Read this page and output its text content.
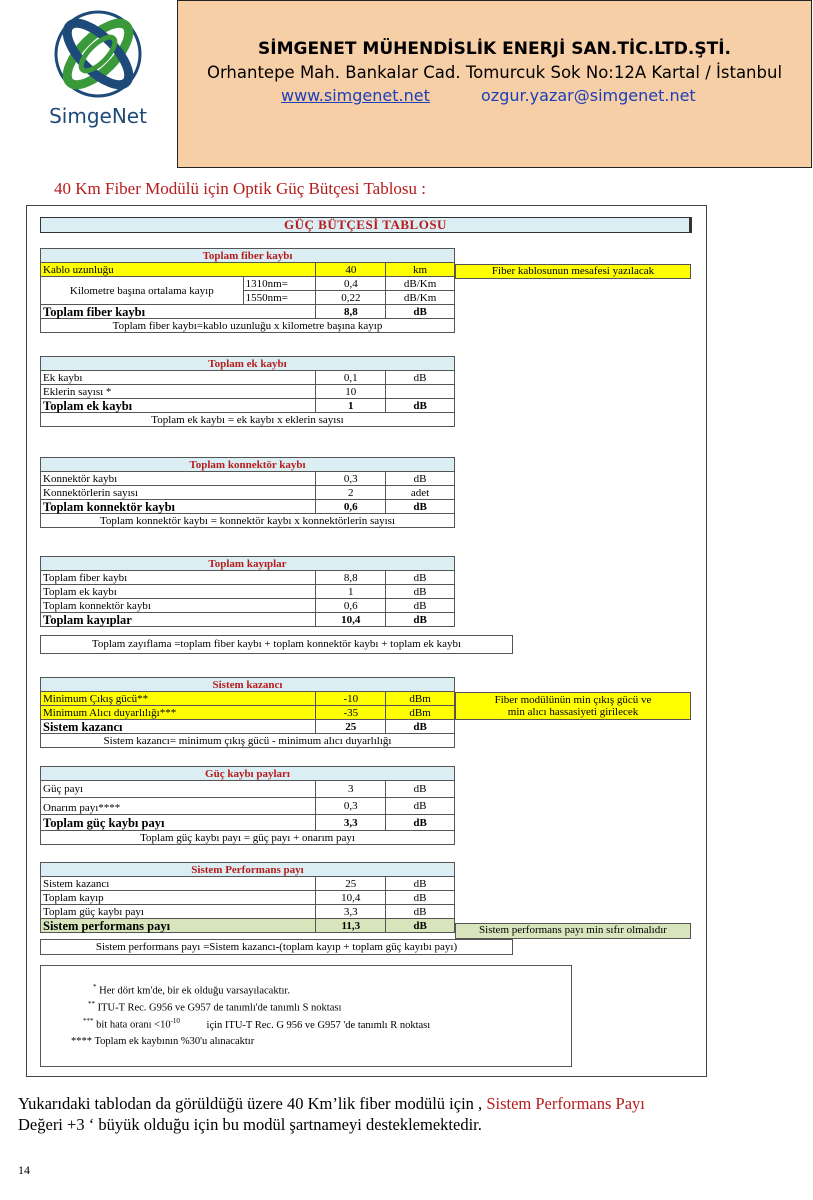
SimgeNet
SİMGENET MÜHENDİSLİK ENERJİ SAN.TİC.LTD.ŞTİ.
Orhantepe Mah. Bankalar Cad. Tomurcuk Sok No:12A Kartal / İstanbul
www.simgenet.net	ozgur.yazar@simgenet.net
40 Km Fiber Modülü için Optik Güç Bütçesi Tablosu :
GÜÇ BÜTÇESİ TABLOSU
Toplam fiber kaybı			
Kablo uzunluğu		40	km
Kilometre başına ortalama kayıp	1310nm=	0,4	dB/Km
	1550nm=	0,22	dB/Km
Toplam fiber kaybı		8,8	dB
Toplam fiber kaybı=kablo uzunluğu x kilometre başına kayıp			
Fiber kablosunun mesafesi yazılacak
Toplam ek kaybı		
Ek kaybı	0,1	dB
Eklerin sayısı *	10	
Toplam ek kaybı	1	dB
Toplam ek kaybı = ek kaybı x eklerin sayısı		
Toplam konnektör kaybı		
Konnektör kaybı	0,3	dB
Konnektörlerin sayısı	2	adet
Toplam konnektör kaybı	0,6	dB
Toplam konnektör kaybı = konnektör kaybı x konnektörlerin sayısı		
Toplam kayıplar		
Toplam fiber kaybı	8,8	dB
Toplam ek kaybı	1	dB
Toplam konnektör kaybı	0,6	dB
Toplam kayıplar	10,4	dB
Toplam zayıflama =toplam fiber kaybı + toplam konnektör kaybı + toplam ek kaybı
Sistem kazancı		
Minimum Çıkış gücü**	-10	dBm
Minimum Alıcı duyarlılığı***	-35	dBm
Sistem kazancı	25	dB
Sistem kazancı= minimum çıkış gücü - minimum alıcı duyarlılığı		
Fiber modülünün min çıkış gücü ve
min alıcı hassasiyeti girilecek
Güç kaybı payları		
Güç payı	3	dB
Onarım payı****	0,3	dB
Toplam güç kaybı payı	3,3	dB
Toplam güç kaybı payı = güç payı + onarım payı		
Sistem Performans payı		
Sistem kazancı	25	dB
Toplam kayıp	10,4	dB
Toplam güç kaybı payı	3,3	dB
Sistem performans payı	11,3	dB	Sistem performans payı min sıfır olmalıdır
Sistem performans payı =Sistem kazancı-(toplam kayıp + toplam güç kayıbı payı)
* Her dört km'de, bir ek olduğu varsayılacaktır.
** ITU-T Rec. G956 ve G957 de tanımlı'de tanımlı S noktası
*** bit hata oranı $<10^{-10}$	için ITU-T Rec. G 956 ve G957 'de tanımlı R noktası
**** Toplam ek kaybının %30'u alınacaktır
Yukarıdaki tablodan da görüldüğü üzere 40 Km’lik fiber modülü için , Sistem Performans Payı
Değeri +3 ‘ büyük olduğu için bu modül şartnameyi desteklemektedir.
14
